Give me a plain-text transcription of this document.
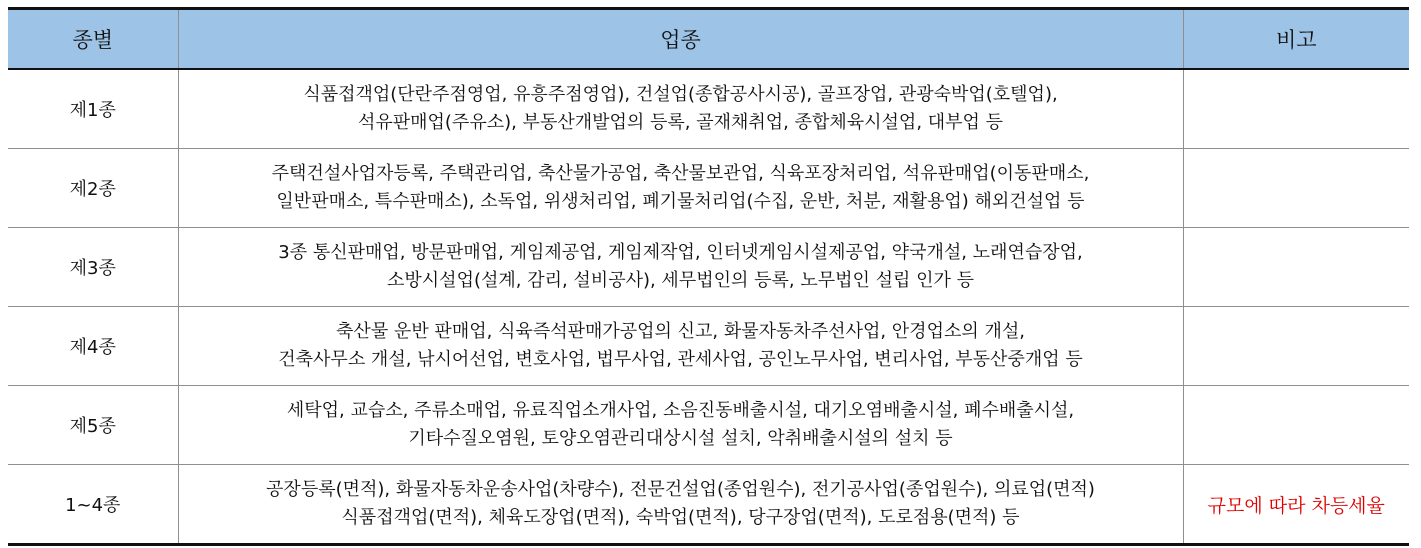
종별	업종	비고
제1종	식품접객업(단란주점영업, 유흥주점영업), 건설업(종합공사시공), 골프장업, 관광숙박업(호텔업),
석유판매업(주유소), 부동산개발업의 등록, 골재채취업, 종합체육시설업, 대부업 등	

제2종	주택건설사업자등록, 주택관리업, 축산물가공업, 축산물보관업, 식육포장처리업, 석유판매업(이동판매소,
일반판매소, 특수판매소), 소독업, 위생처리업, 폐기물처리업(수집, 운반, 처분, 재활용업) 해외건설업 등	

제3종	3종 통신판매업, 방문판매업, 게임제공업, 게임제작업, 인터넷게임시설제공업, 약국개설, 노래연습장업,
소방시설업(설계, 감리, 설비공사), 세무법인의 등록, 노무법인 설립 인가 등	

제4종	축산물 운반 판매업, 식육즉석판매가공업의 신고, 화물자동차주선사업, 안경업소의 개설,
건축사무소 개설, 낚시어선업, 변호사업, 법무사업, 관세사업, 공인노무사업, 변리사업, 부동산중개업 등	

제5종	세탁업, 교습소, 주류소매업, 유료직업소개사업, 소음진동배출시설, 대기오염배출시설, 폐수배출시설,
기타수질오염원, 토양오염관리대상시설 설치, 악취배출시설의 설치 등	

1~4종	공장등록(면적), 화물자동차운송사업(차량수), 전문건설업(종업원수), 전기공사업(종업원수), 의료업(면적)
식품접객업(면적), 체육도장업(면적), 숙박업(면적), 당구장업(면적), 도로점용(면적) 등	규모에 따라 차등세율
